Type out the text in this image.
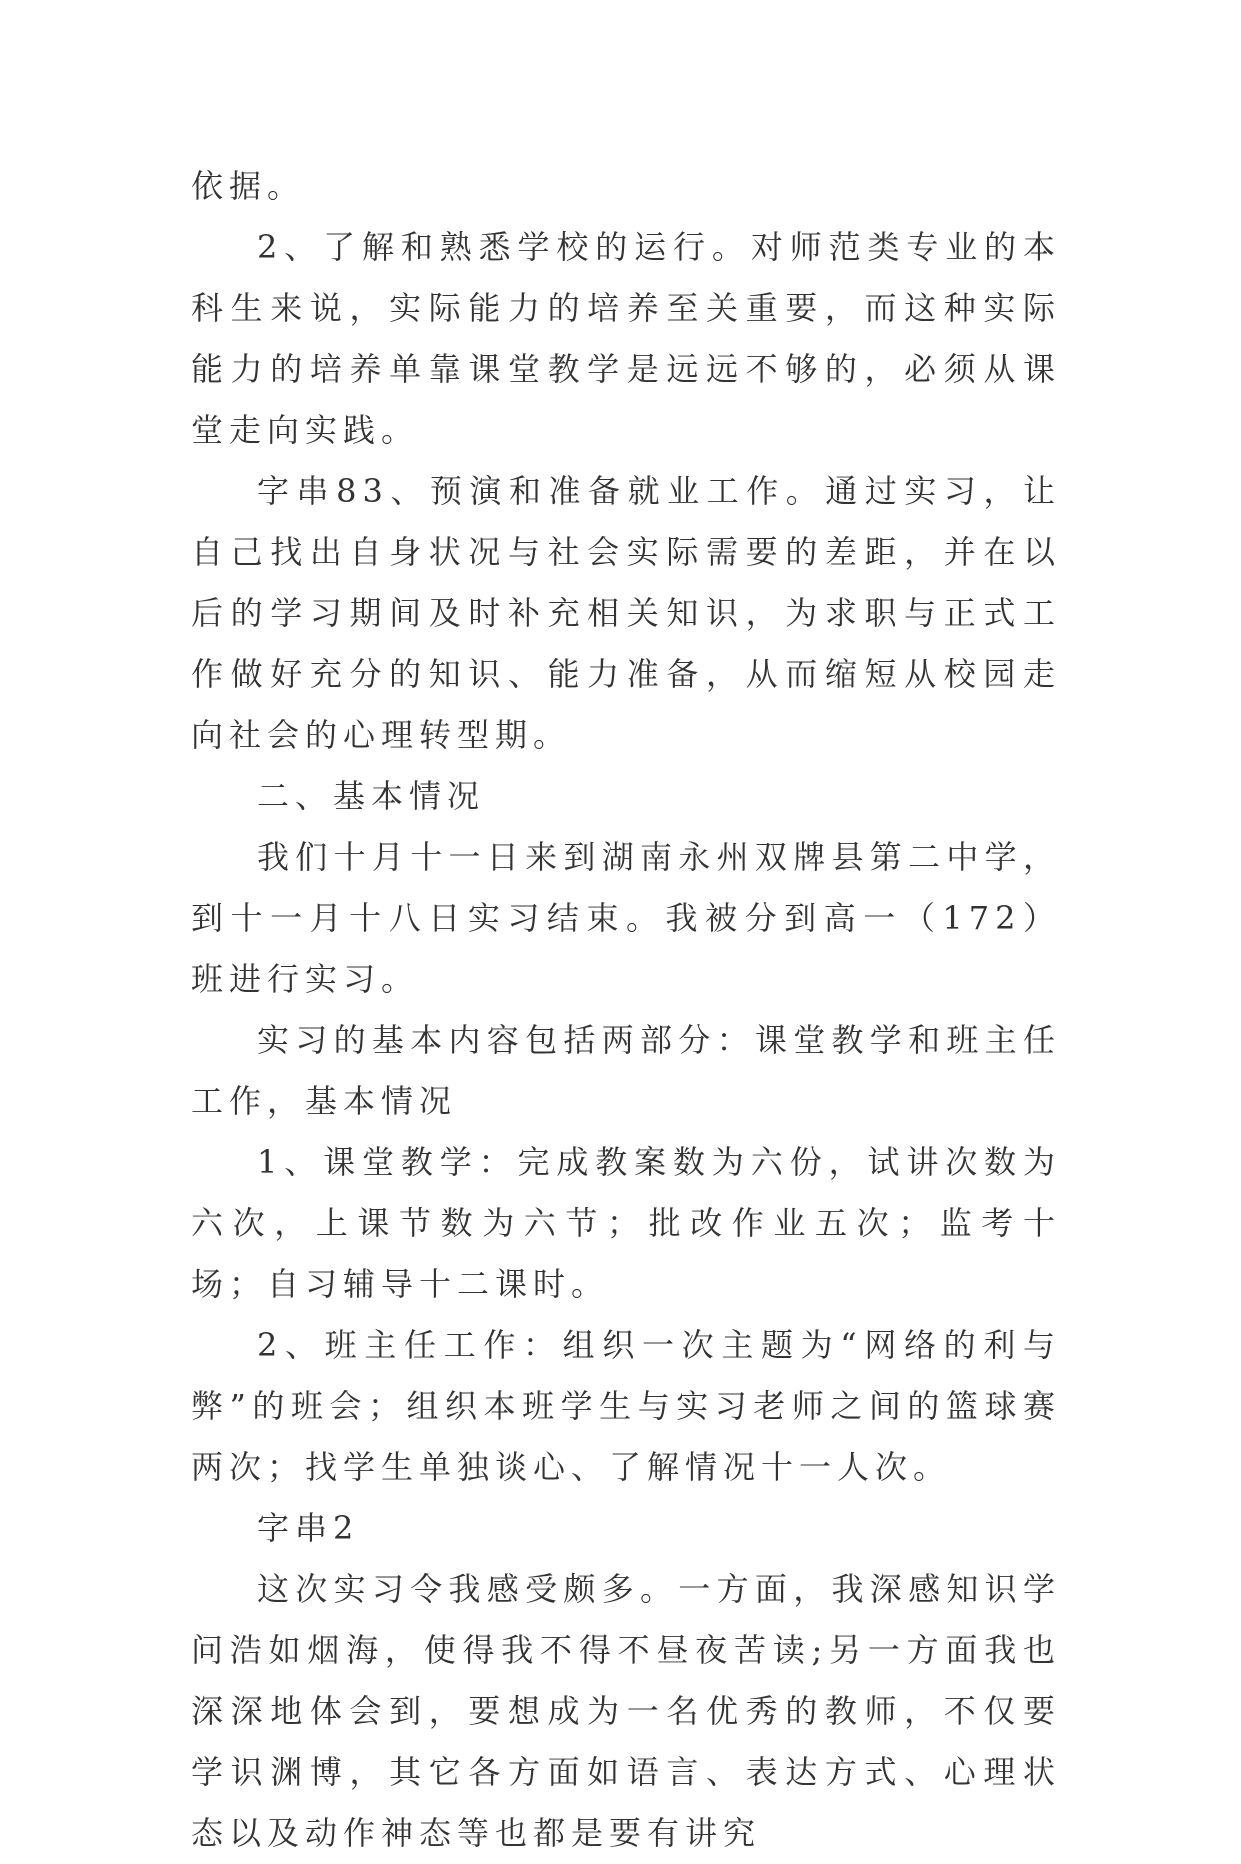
依据。

2、了解和熟悉学校的运行。对师范类专业的本科生来说，实际能力的培养至关重要，而这种实际能力的培养单靠课堂教学是远远不够的，必须从课堂走向实践。

字串83、预演和准备就业工作。通过实习，让自己找出自身状况与社会实际需要的差距，并在以后的学习期间及时补充相关知识，为求职与正式工作做好充分的知识、能力准备，从而缩短从校园走向社会的心理转型期。

二、基本情况

我们十月十一日来到湖南永州双牌县第二中学，到十一月十八日实习结束。我被分到高一（172）班进行实习。

实习的基本内容包括两部分：课堂教学和班主任工作，基本情况

1、课堂教学：完成教案数为六份，试讲次数为六次，上课节数为六节；批改作业五次；监考十场；自习辅导十二课时。

2、班主任工作：组织一次主题为“网络的利与弊”的班会；组织本班学生与实习老师之间的篮球赛两次；找学生单独谈心、了解情况十一人次。

字串2

这次实习令我感受颇多。一方面，我深感知识学问浩如烟海，使得我不得不昼夜苦读;另一方面我也深深地体会到，要想成为一名优秀的教师，不仅要学识渊博，其它各方面如语言、表达方式、心理状态以及动作神态等也都是要有讲究
